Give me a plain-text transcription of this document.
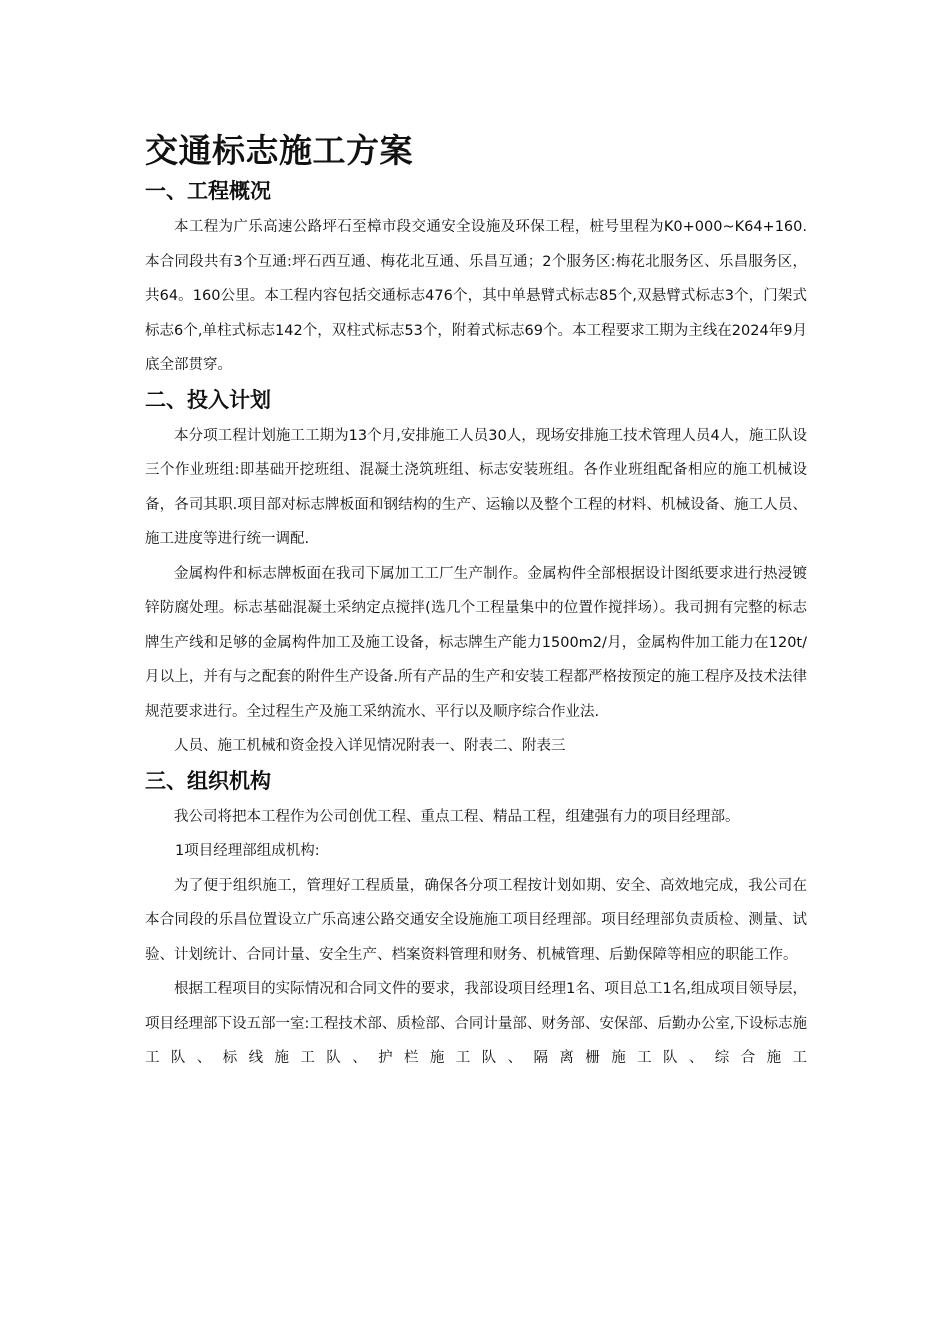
交通标志施工方案
一、工程概况

本工程为广乐高速公路坪石至樟市段交通安全设施及环保工程，桩号里程为K0+000~K64+160.本合同段共有3个互通:坪石西互通、梅花北互通、乐昌互通；2个服务区:梅花北服务区、乐昌服务区，共64。160公里。本工程内容包括交通标志476个，其中单悬臂式标志85个,双悬臂式标志3个，门架式标志6个,单柱式标志142个，双柱式标志53个，附着式标志69个。本工程要求工期为主线在2024年9月底全部贯穿。

二、投入计划

本分项工程计划施工工期为13个月,安排施工人员30人，现场安排施工技术管理人员4人，施工队设三个作业班组:即基础开挖班组、混凝土浇筑班组、标志安装班组。各作业班组配备相应的施工机械设备，各司其职.项目部对标志牌板面和钢结构的生产、运输以及整个工程的材料、机械设备、施工人员、施工进度等进行统一调配.

金属构件和标志牌板面在我司下属加工工厂生产制作。金属构件全部根据设计图纸要求进行热浸镀锌防腐处理。标志基础混凝土采纳定点搅拌(选几个工程量集中的位置作搅拌场）。我司拥有完整的标志牌生产线和足够的金属构件加工及施工设备，标志牌生产能力1500m2/月，金属构件加工能力在120t/月以上，并有与之配套的附件生产设备.所有产品的生产和安装工程都严格按预定的施工程序及技术法律规范要求进行。全过程生产及施工采纳流水、平行以及顺序综合作业法.

人员、施工机械和资金投入详见情况附表一、附表二、附表三

三、组织机构

我公司将把本工程作为公司创优工程、重点工程、精品工程，组建强有力的项目经理部。

1项目经理部组成机构:

为了便于组织施工，管理好工程质量，确保各分项工程按计划如期、安全、高效地完成，我公司在本合同段的乐昌位置设立广乐高速公路交通安全设施施工项目经理部。项目经理部负责质检、测量、试验、计划统计、合同计量、安全生产、档案资料管理和财务、机械管理、后勤保障等相应的职能工作。

根据工程项目的实际情况和合同文件的要求，我部设项目经理1名、项目总工1名,组成项目领导层，项目经理部下设五部一室:工程技术部、质检部、合同计量部、财务部、安保部、后勤办公室,下设标志施工队、标线施工队、护栏施工队、隔离栅施工队、综合施工
